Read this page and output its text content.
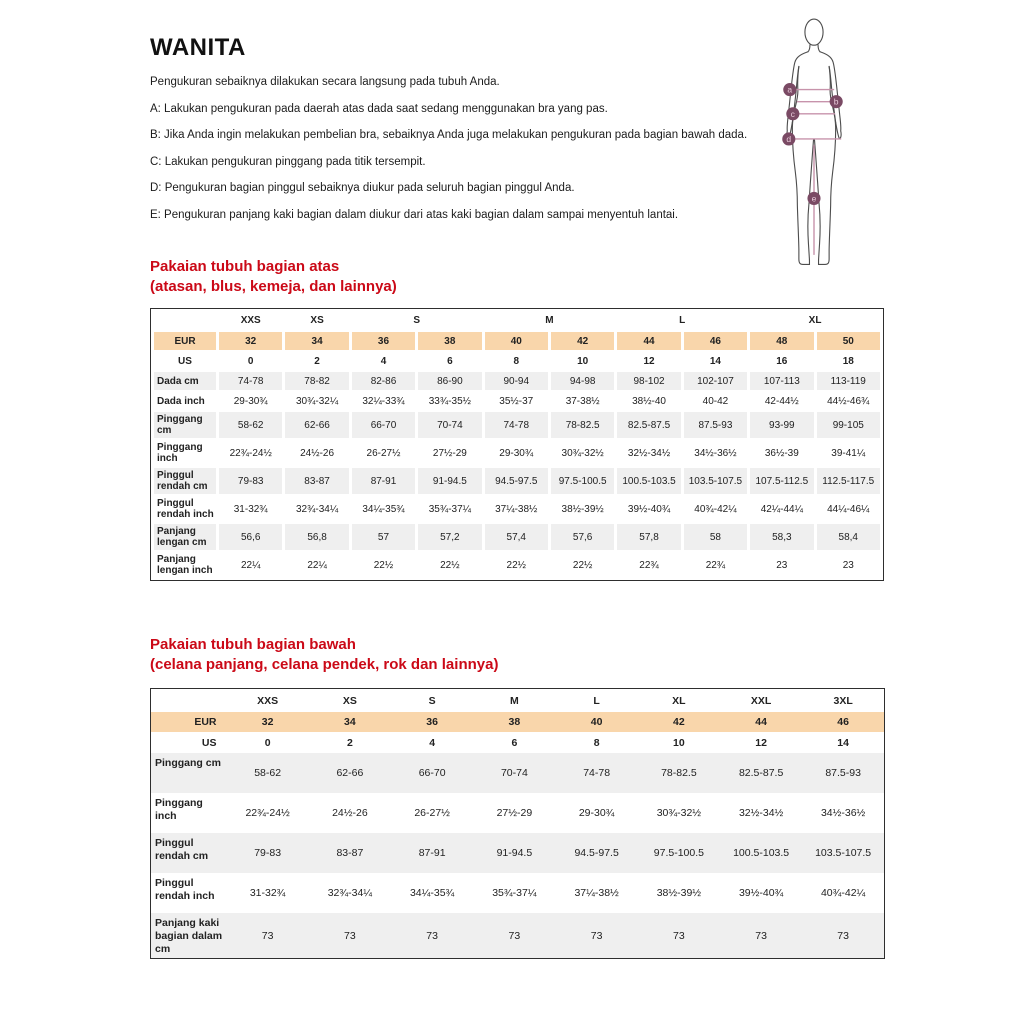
WANITA

Pengukuran sebaiknya dilakukan secara langsung pada tubuh Anda.

A: Lakukan pengukuran pada daerah atas dada saat sedang menggunakan bra yang pas.

B: Jika Anda ingin melakukan pembelian bra, sebaiknya Anda juga melakukan pengukuran pada bagian bawah dada.

C: Lakukan pengukuran pinggang pada titik tersempit.

D: Pengukuran bagian pinggul sebaiknya diukur pada seluruh bagian pinggul Anda.

E: Pengukuran panjang kaki bagian dalam diukur dari atas kaki bagian dalam sampai menyentuh lantai.

a
b
c
d
e
Pakaian tubuh bagian atas
(atasan, blus, kemeja, dan lainnya)
	XXS	XS	S		M		L		XL	
EUR	32	34	36	38	40	42	44	46	48	50
US	0	2	4	6	8	10	12	14	16	18
Dada cm	74-78	78-82	82-86	86-90	90-94	94-98	98-102	102-107	107-113	113-119
Dada inch	29-30¾	30¾-32¼	32¼-33¾	33¾-35½	35½-37	37-38½	38½-40	40-42	42-44½	44½-46¾
Pinggang cm	58-62	62-66	66-70	70-74	74-78	78-82.5	82.5-87.5	87.5-93	93-99	99-105
Pinggang inch	22¾-24½	24½-26	26-27½	27½-29	29-30¾	30¾-32½	32½-34½	34½-36½	36½-39	39-41¼
Pinggul rendah cm	79-83	83-87	87-91	91-94.5	94.5-97.5	97.5-100.5	100.5-103.5	103.5-107.5	107.5-112.5	112.5-117.5
Pinggul rendah inch	31-32¾	32¾-34¼	34¼-35¾	35¾-37¼	37¼-38½	38½-39½	39½-40¾	40¾-42¼	42¼-44¼	44¼-46¼
Panjang lengan cm	56,6	56,8	57	57,2	57,4	57,6	57,8	58	58,3	58,4
Panjang lengan inch	22¼	22¼	22½	22½	22½	22½	22¾	22¾	23	23
Pakaian tubuh bagian bawah
(celana panjang, celana pendek, rok dan lainnya)
	XXS	XS	S	M	L	XL	XXL	3XL
EUR	32	34	36	38	40	42	44	46
US	0	2	4	6	8	10	12	14
Pinggang cm	58-62	62-66	66-70	70-74	74-78	78-82.5	82.5-87.5	87.5-93
Pinggang inch	22¾-24½	24½-26	26-27½	27½-29	29-30¾	30¾-32½	32½-34½	34½-36½
Pinggul rendah cm	79-83	83-87	87-91	91-94.5	94.5-97.5	97.5-100.5	100.5-103.5	103.5-107.5
Pinggul rendah inch	31-32¾	32¾-34¼	34¼-35¾	35¾-37¼	37¼-38½	38½-39½	39½-40¾	40¾-42¼
Panjang kaki bagian dalam cm	73	73	73	73	73	73	73	73
